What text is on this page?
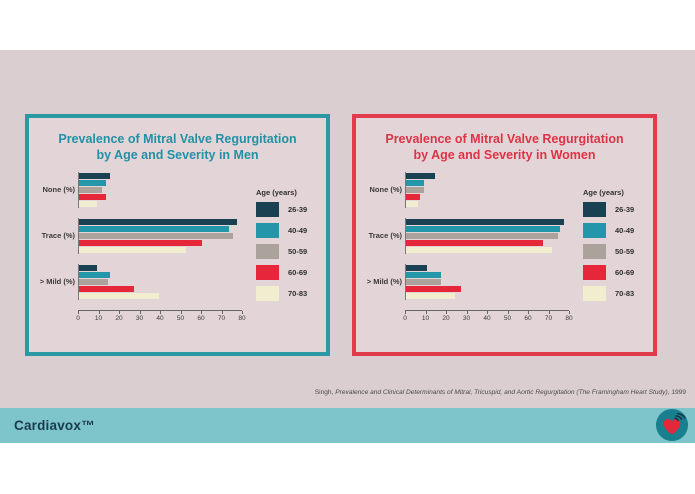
Prevalence of Mitral Valve Regurgitation
by Age and Severity in Men
None (%)
Trace (%)
> Mild (%)
0	10	20	30	40	50	60	70	80
Age (years)
26-39
40-49
50-59
60-69
70-83
Prevalence of Mitral Valve Regurgitation
by Age and Severity in Women
None (%)
Trace (%)
> Mild (%)
0	10	20	30	40	50	60	70	80
Age (years)
26-39
40-49
50-59
60-69
70-83
Singh, Prevalence and Clinical Determinants of Mitral, Tricuspid, and Aortic Regurgitation (The Framingham Heart Study), 1999
Cardiavox™
